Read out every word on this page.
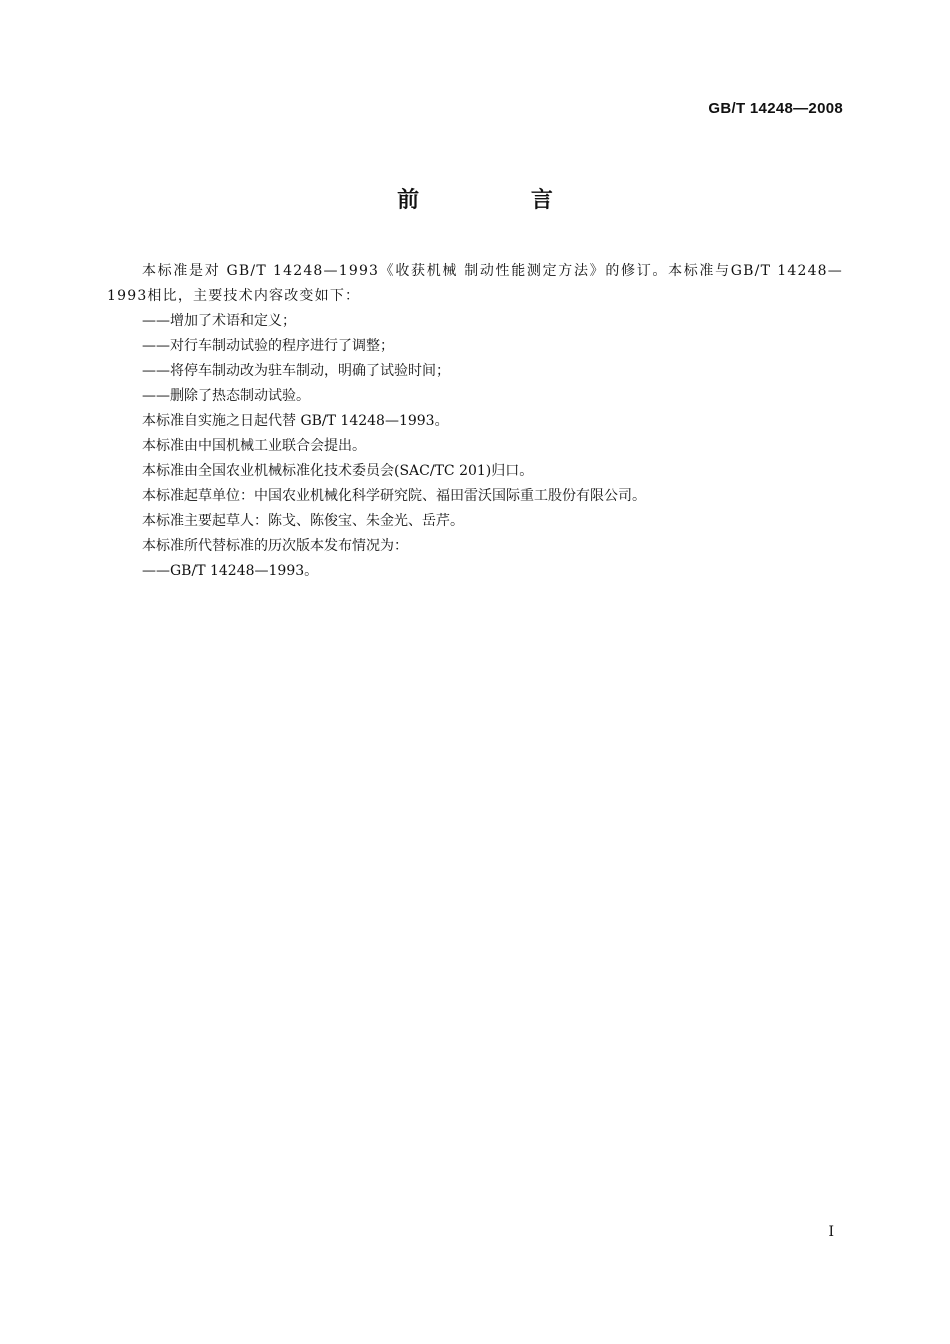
GB/T 14248—2008
前 言

本标准是对 GB/T 14248—1993《收获机械 制动性能测定方法》的修订。本标准与GB/T 14248—1993相比，主要技术内容改变如下：

——增加了术语和定义；

——对行车制动试验的程序进行了调整；

——将停车制动改为驻车制动，明确了试验时间；

——删除了热态制动试验。

本标准自实施之日起代替 GB/T 14248—1993。

本标准由中国机械工业联合会提出。

本标准由全国农业机械标准化技术委员会(SAC/TC 201)归口。

本标准起草单位：中国农业机械化科学研究院、福田雷沃国际重工股份有限公司。

本标准主要起草人：陈戈、陈俊宝、朱金光、岳芹。

本标准所代替标准的历次版本发布情况为：

——GB/T 14248—1993。

I
